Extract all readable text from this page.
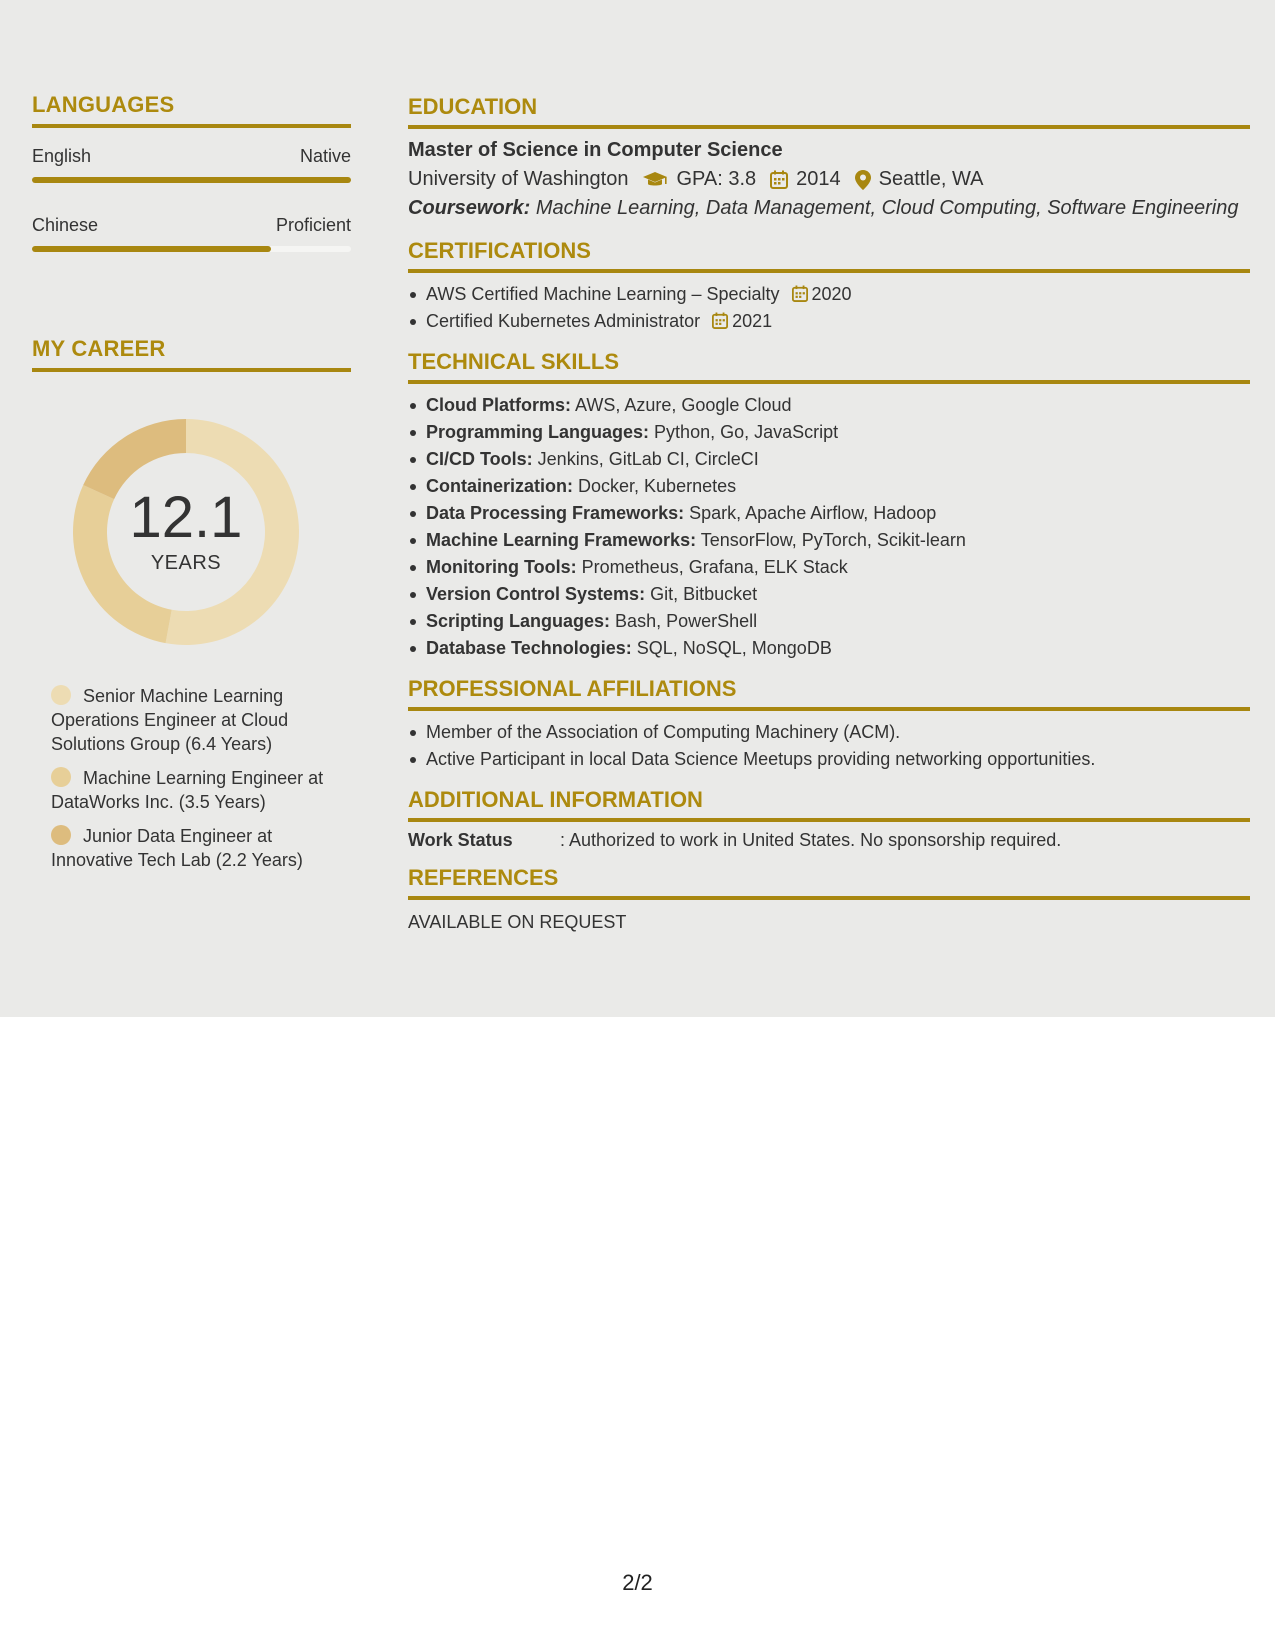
LANGUAGES
English	Native
Chinese	Proficient
MY CAREER
12.1
YEARS
Senior Machine Learning Operations Engineer at Cloud Solutions Group (6.4 Years)
Machine Learning Engineer at DataWorks Inc. (3.5 Years)
Junior Data Engineer at Innovative Tech Lab (2.2 Years)
EDUCATION
Master of Science in Computer Science
University of Washington GPA: 3.8 2014 Seattle, WA
Coursework: Machine Learning, Data Management, Cloud Computing, Software Engineering
CERTIFICATIONS
AWS Certified Machine Learning – Specialty 2020
Certified Kubernetes Administrator 2021
TECHNICAL SKILLS
Cloud Platforms: AWS, Azure, Google Cloud
Programming Languages: Python, Go, JavaScript
CI/CD Tools: Jenkins, GitLab CI, CircleCI
Containerization: Docker, Kubernetes
Data Processing Frameworks: Spark, Apache Airflow, Hadoop
Machine Learning Frameworks: TensorFlow, PyTorch, Scikit-learn
Monitoring Tools: Prometheus, Grafana, ELK Stack
Version Control Systems: Git, Bitbucket
Scripting Languages: Bash, PowerShell
Database Technologies: SQL, NoSQL, MongoDB
PROFESSIONAL AFFILIATIONS
Member of the Association of Computing Machinery (ACM).
Active Participant in local Data Science Meetups providing networking opportunities.
ADDITIONAL INFORMATION
Work Status	: Authorized to work in United States. No sponsorship required.
REFERENCES
AVAILABLE ON REQUEST
2/2
